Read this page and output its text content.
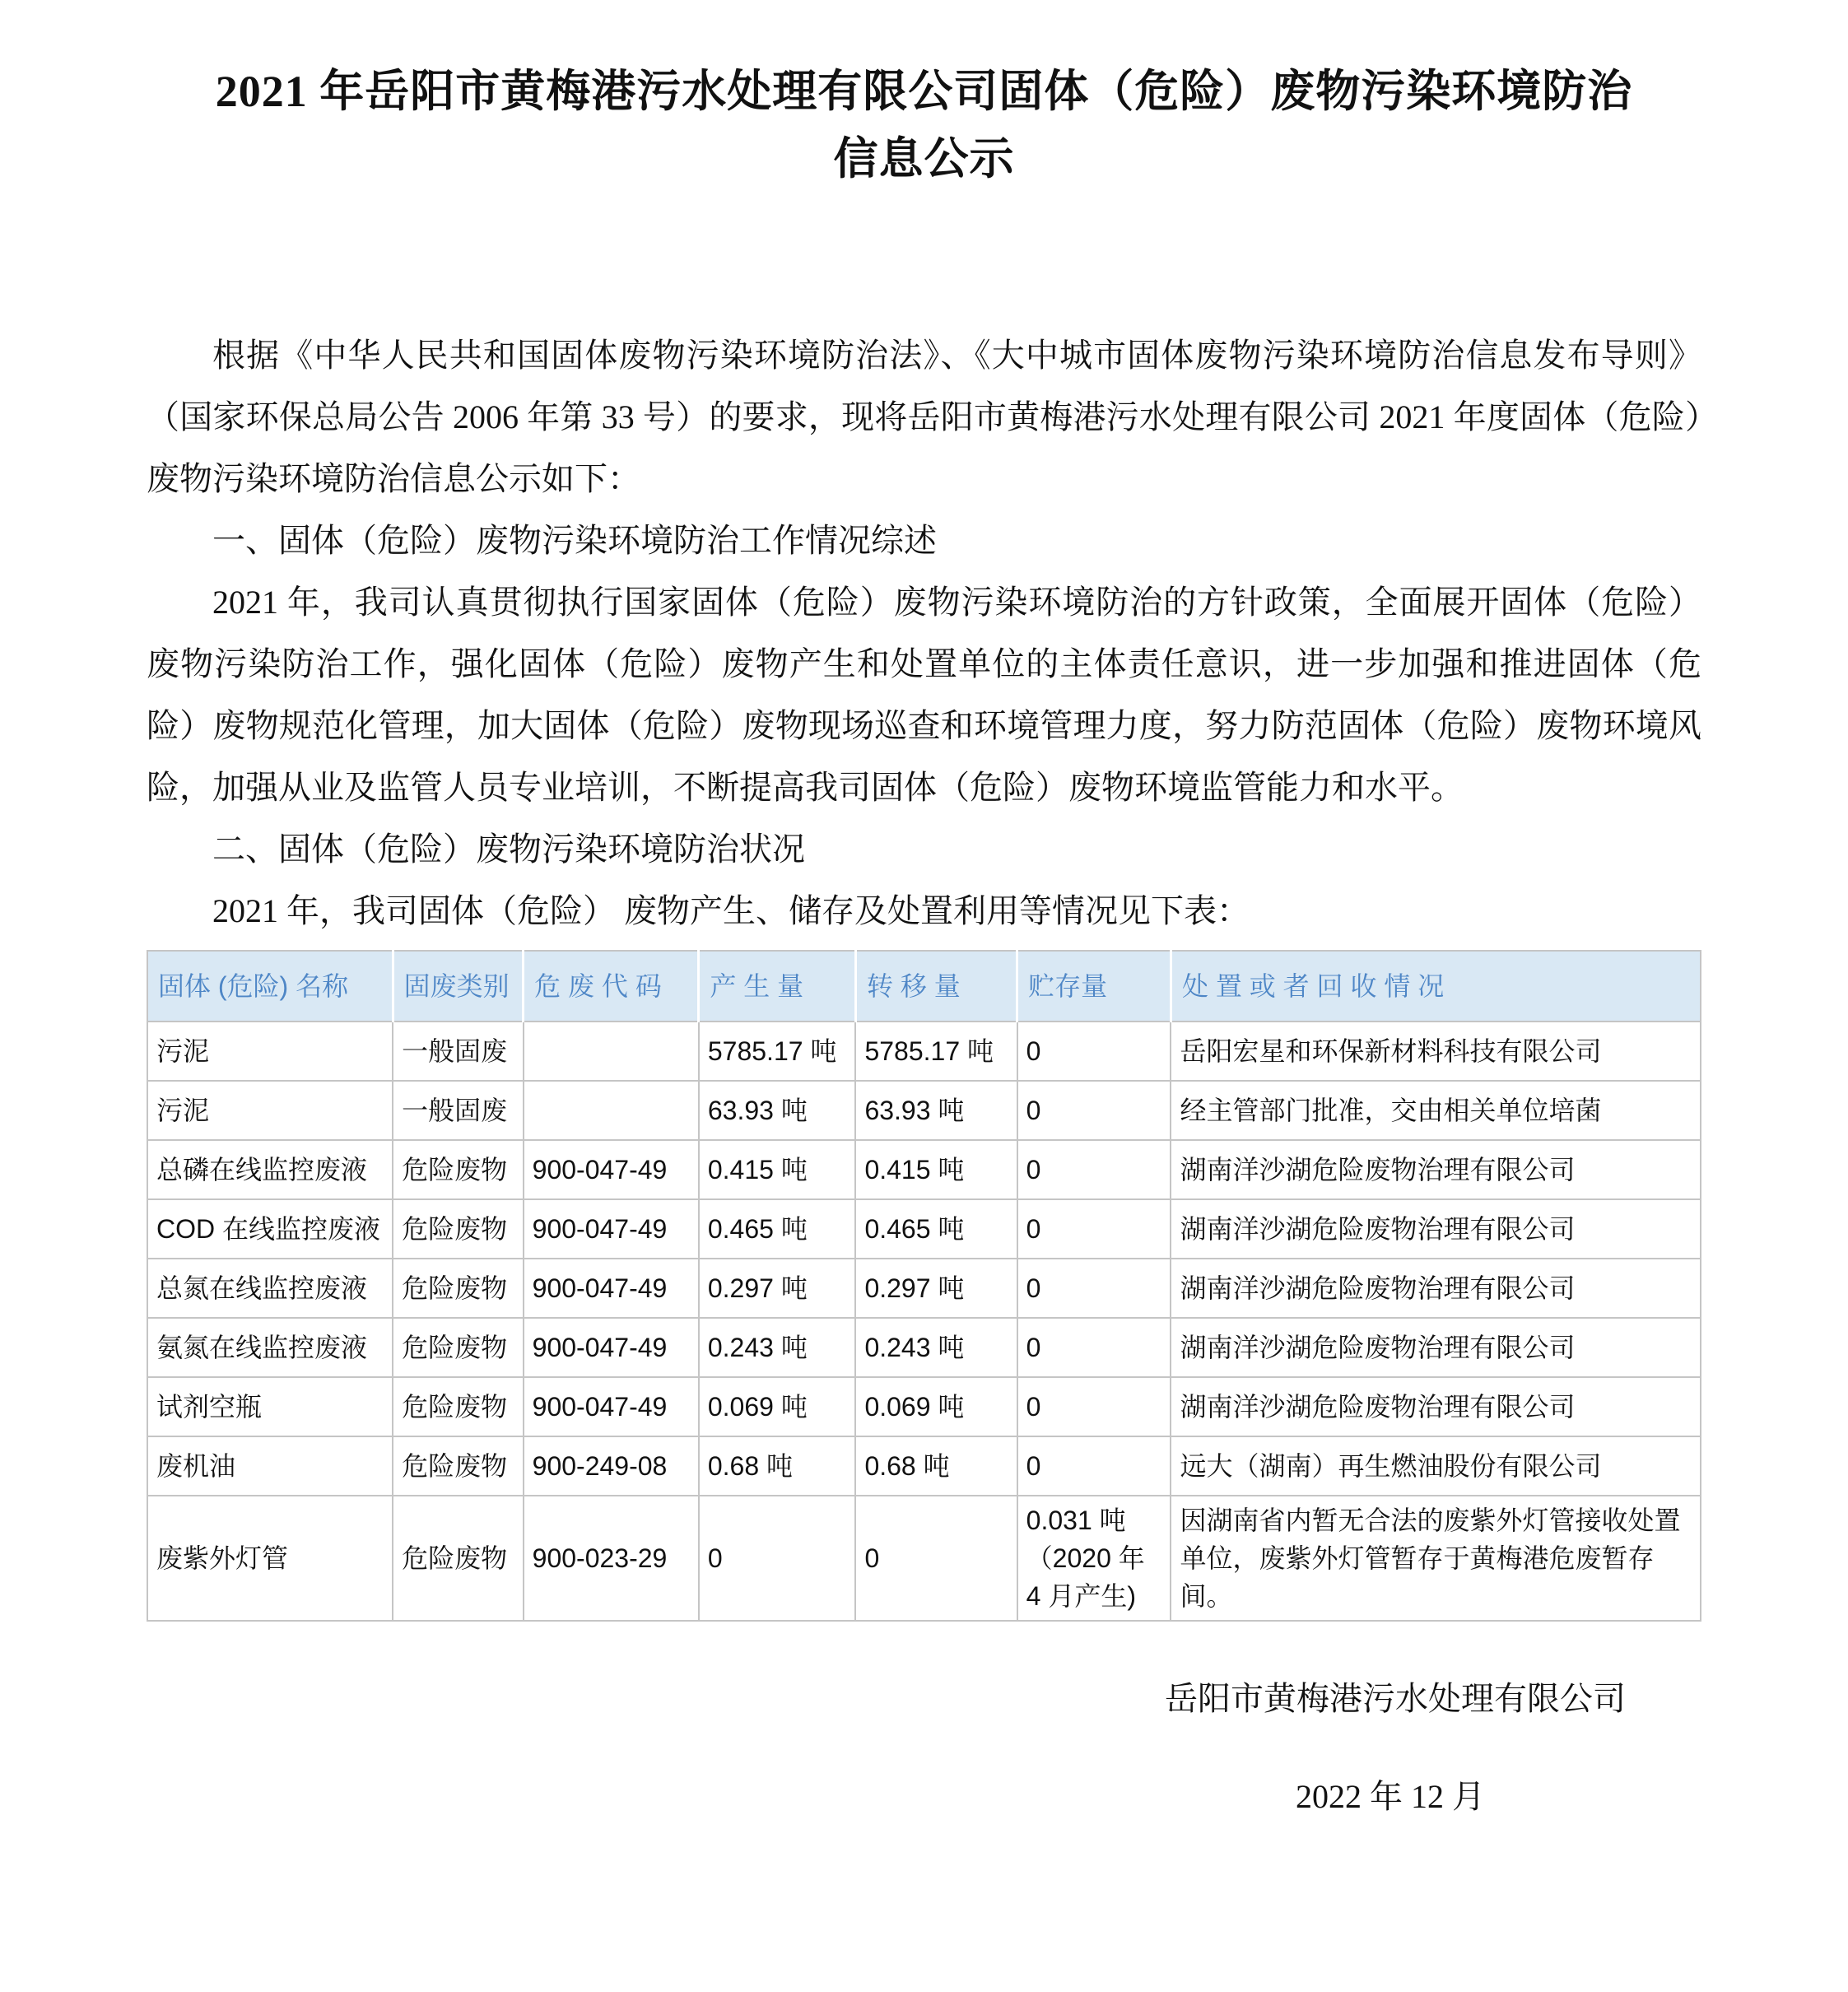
2021 年岳阳市黄梅港污水处理有限公司固体（危险）废物污染环境防治
信息公示

根据《中华人民共和国固体废物污染环境防治法》、《大中城市固体废物污染环境防治信息发布导则》（国家环保总局公告 2006 年第 33 号）的要求，现将岳阳市黄梅港污水处理有限公司 2021 年度固体（危险）废物污染环境防治信息公示如下：

一、固体（危险）废物污染环境防治工作情况综述

2021 年，我司认真贯彻执行国家固体（危险）废物污染环境防治的方针政策，全面展开固体（危险）废物污染防治工作，强化固体（危险）废物产生和处置单位的主体责任意识，进一步加强和推进固体（危险）废物规范化管理，加大固体（危险）废物现场巡查和环境管理力度，努力防范固体（危险）废物环境风险，加强从业及监管人员专业培训，不断提高我司固体（危险）废物环境监管能力和水平。

二、固体（危险）废物污染环境防治状况

2021 年，我司固体（危险） 废物产生、储存及处置利用等情况见下表：

固体 (危险) 名称	固废类别	危 废 代 码	产 生 量	转 移 量	贮存量	处 置 或 者 回 收 情 况
污泥	一般固废		5785.17 吨	5785.17 吨	0	岳阳宏星和环保新材料科技有限公司
污泥	一般固废		63.93 吨	63.93 吨	0	经主管部门批准，交由相关单位培菌
总磷在线监控废液	危险废物	900-047-49	0.415 吨	0.415 吨	0	湖南洋沙湖危险废物治理有限公司
COD 在线监控废液	危险废物	900-047-49	0.465 吨	0.465 吨	0	湖南洋沙湖危险废物治理有限公司
总氮在线监控废液	危险废物	900-047-49	0.297 吨	0.297 吨	0	湖南洋沙湖危险废物治理有限公司
氨氮在线监控废液	危险废物	900-047-49	0.243 吨	0.243 吨	0	湖南洋沙湖危险废物治理有限公司
试剂空瓶	危险废物	900-047-49	0.069 吨	0.069 吨	0	湖南洋沙湖危险废物治理有限公司
废机油	危险废物	900-249-08	0.68 吨	0.68 吨	0	远大（湖南）再生燃油股份有限公司
废紫外灯管	危险废物	900-023-29	0	0	0.031 吨（2020 年 4 月产生)	因湖南省内暂无合法的废紫外灯管接收处置单位，废紫外灯管暂存于黄梅港危废暂存间。
岳阳市黄梅港污水处理有限公司
2022 年 12 月
